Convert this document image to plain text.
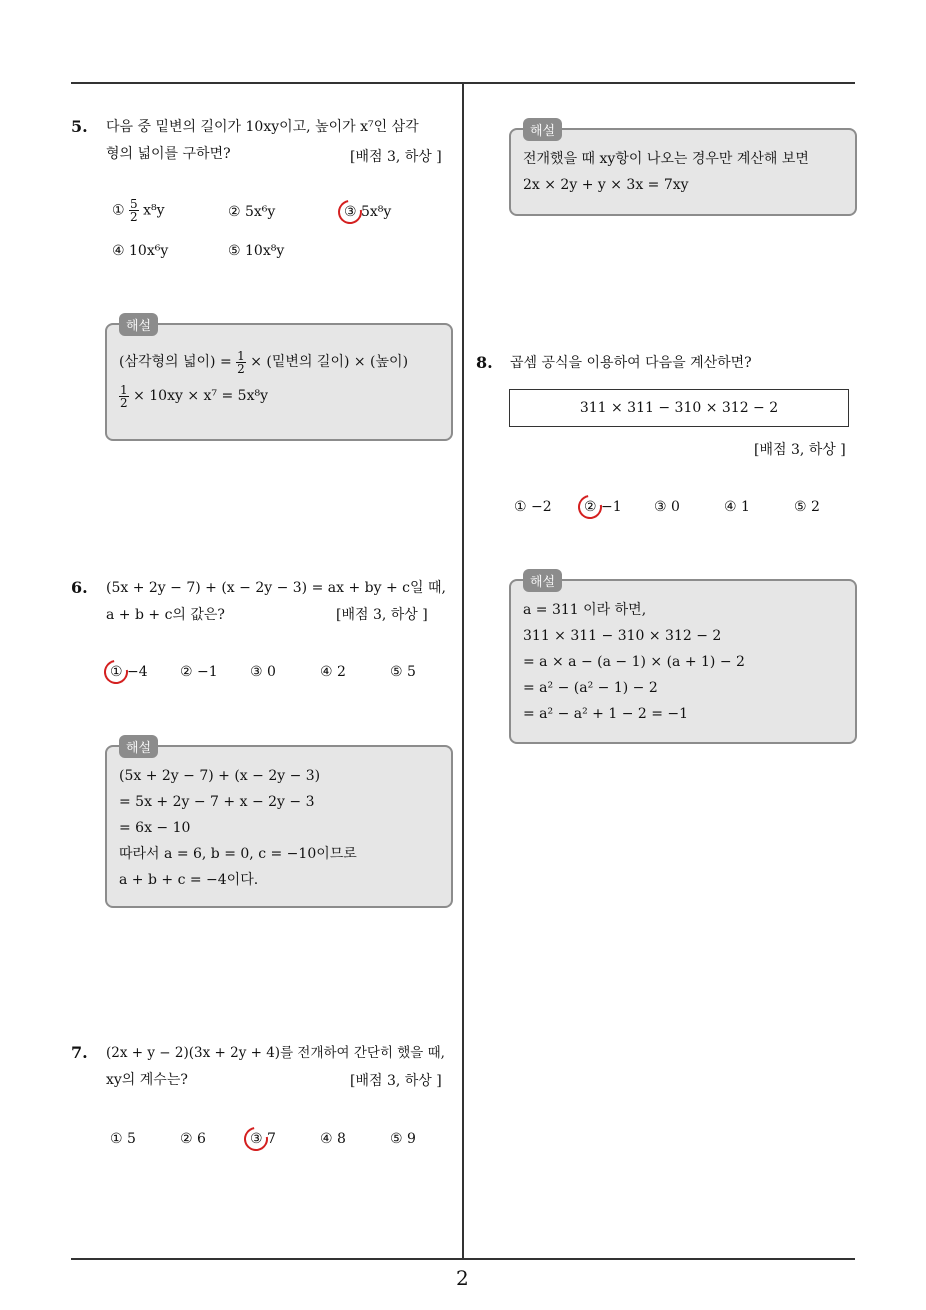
2
5. 다음 중 밑변의 길이가 10xy이고, 높이가 x⁷인 삼각
형의 넓이를 구하면?	[배점 3, 하상 ]
① $\frac{5}{2} x^8y$	② 5x⁶y	③ 5x⁸y
④ 10x⁶y	⑤ 10x⁸y
해설
(삼각형의 넓이) = $\frac{1}{2}$ × (밑변의 길이) × (높이)
$\frac{1}{2} \times 10xy \times x^7 = 5x^8y$
6. (5x + 2y − 7) + (x − 2y − 3) = ax + by + c일 때,
a + b + c의 값은?	[배점 3, 하상 ]
① −4 ② −1 ③ 0	④ 2	⑤ 5
해설
(5x + 2y − 7) + (x − 2y − 3)
= 5x + 2y − 7 + x − 2y − 3
= 6x − 10
따라서 a = 6, b = 0, c = −10이므로
a + b + c = −4이다.
7. (2x + y − 2)(3x + 2y + 4)를 전개하여 간단히 했을 때,
xy의 계수는?	[배점 3, 하상 ]
① 5	② 6	③ 7	④ 8	⑤ 9
해설
전개했을 때 xy항이 나오는 경우만 계산해 보면
2x × 2y + y × 3x = 7xy
8. 곱셈 공식을 이용하여 다음을 계산하면?
311 × 311 − 310 × 312 − 2
[배점 3, 하상 ]
① −2 ② −1 ③ 0	④ 1	⑤ 2
해설
a = 311 이라 하면,
311 × 311 − 310 × 312 − 2
= a × a − (a − 1) × (a + 1) − 2
= a² − (a² − 1) − 2
= a² − a² + 1 − 2 = −1
